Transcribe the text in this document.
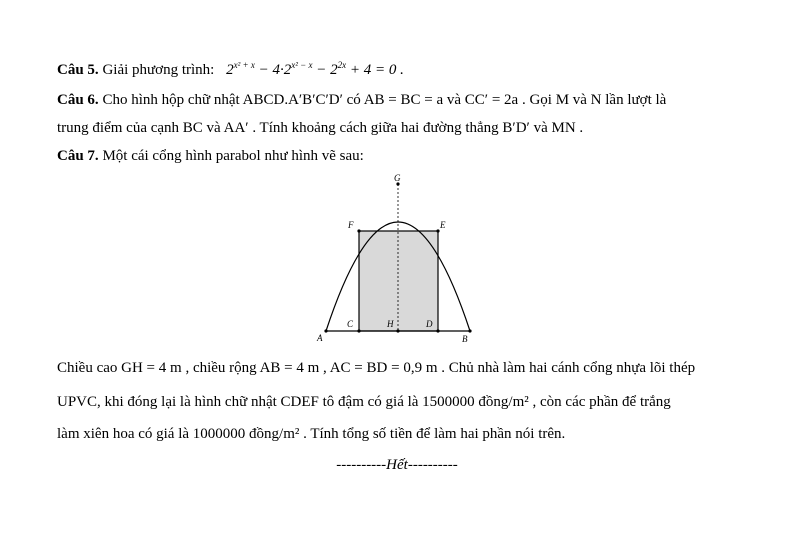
Câu 5. Giải phương trình: $2^{x^2 + x} - 4\cdot 2^{x^2 - x} - 2^{2x} + 4 = 0$ .
Câu 6. Cho hình hộp chữ nhật ABCD.A′B′C′D′ có AB = BC = a và CC′ = 2a . Gọi M và N lần lượt là
trung điểm của cạnh BC và AA′ . Tính khoảng cách giữa hai đường thẳng B′D′ và MN .
Câu 7. Một cái cổng hình parabol như hình vẽ sau:
G
F	E
A	B
C	H	D
Chiều cao GH = 4 m , chiều rộng AB = 4 m , AC = BD = 0,9 m . Chủ nhà làm hai cánh cổng nhựa lõi thép
UPVC, khi đóng lại là hình chữ nhật CDEF tô đậm có giá là 1500000 đồng/m² , còn các phần để trắng
làm xiên hoa có giá là 1000000 đồng/m² . Tính tổng số tiền để làm hai phần nói trên.
----------Hết----------
